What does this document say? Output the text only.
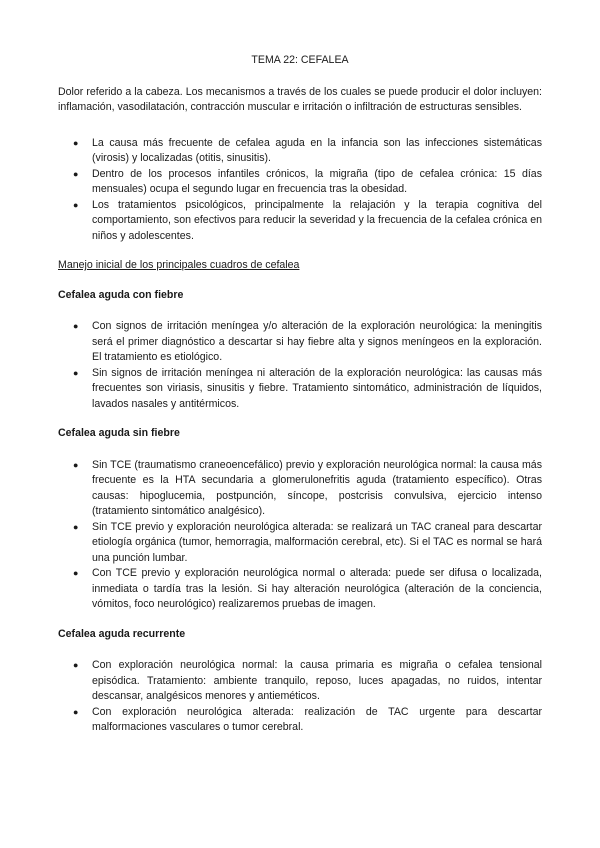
TEMA 22: CEFALEA
Dolor referido a la cabeza. Los mecanismos a través de los cuales se puede producir el dolor incluyen: inflamación, vasodilatación, contracción muscular e irritación o infiltración de estructuras sensibles.
● La causa más frecuente de cefalea aguda en la infancia son las infecciones sistemáticas (virosis) y localizadas (otitis, sinusitis).
● Dentro de los procesos infantiles crónicos, la migraña (tipo de cefalea crónica: 15 días mensuales) ocupa el segundo lugar en frecuencia tras la obesidad.
● Los tratamientos psicológicos, principalmente la relajación y la terapia cognitiva del comportamiento, son efectivos para reducir la severidad y la frecuencia de la cefalea crónica en niños y adolescentes.
Manejo inicial de los principales cuadros de cefalea
Cefalea aguda con fiebre
● Con signos de irritación meníngea y/o alteración de la exploración neurológica: la meningitis será el primer diagnóstico a descartar si hay fiebre alta y signos meníngeos en la exploración. El tratamiento es etiológico.
● Sin signos de irritación meníngea ni alteración de la exploración neurológica: las causas más frecuentes son viriasis, sinusitis y fiebre. Tratamiento sintomático, administración de líquidos, lavados nasales y antitérmicos.
Cefalea aguda sin fiebre
● Sin TCE (traumatismo craneoencefálico) previo y exploración neurológica normal: la causa más frecuente es la HTA secundaria a glomerulonefritis aguda (tratamiento específico). Otras causas: hipoglucemia, postpunción, síncope, postcrisis convulsiva, ejercicio intenso (tratamiento sintomático analgésico).
● Sin TCE previo y exploración neurológica alterada: se realizará un TAC craneal para descartar etiología orgánica (tumor, hemorragia, malformación cerebral, etc). Si el TAC es normal se hará una punción lumbar.
● Con TCE previo y exploración neurológica normal o alterada: puede ser difusa o localizada, inmediata o tardía tras la lesión. Si hay alteración neurológica (alteración de la conciencia, vómitos, foco neurológico) realizaremos pruebas de imagen.
Cefalea aguda recurrente
● Con exploración neurológica normal: la causa primaria es migraña o cefalea tensional episódica. Tratamiento: ambiente tranquilo, reposo, luces apagadas, no ruidos, intentar descansar, analgésicos menores y antieméticos.
● Con exploración neurológica alterada: realización de TAC urgente para descartar malformaciones vasculares o tumor cerebral.
